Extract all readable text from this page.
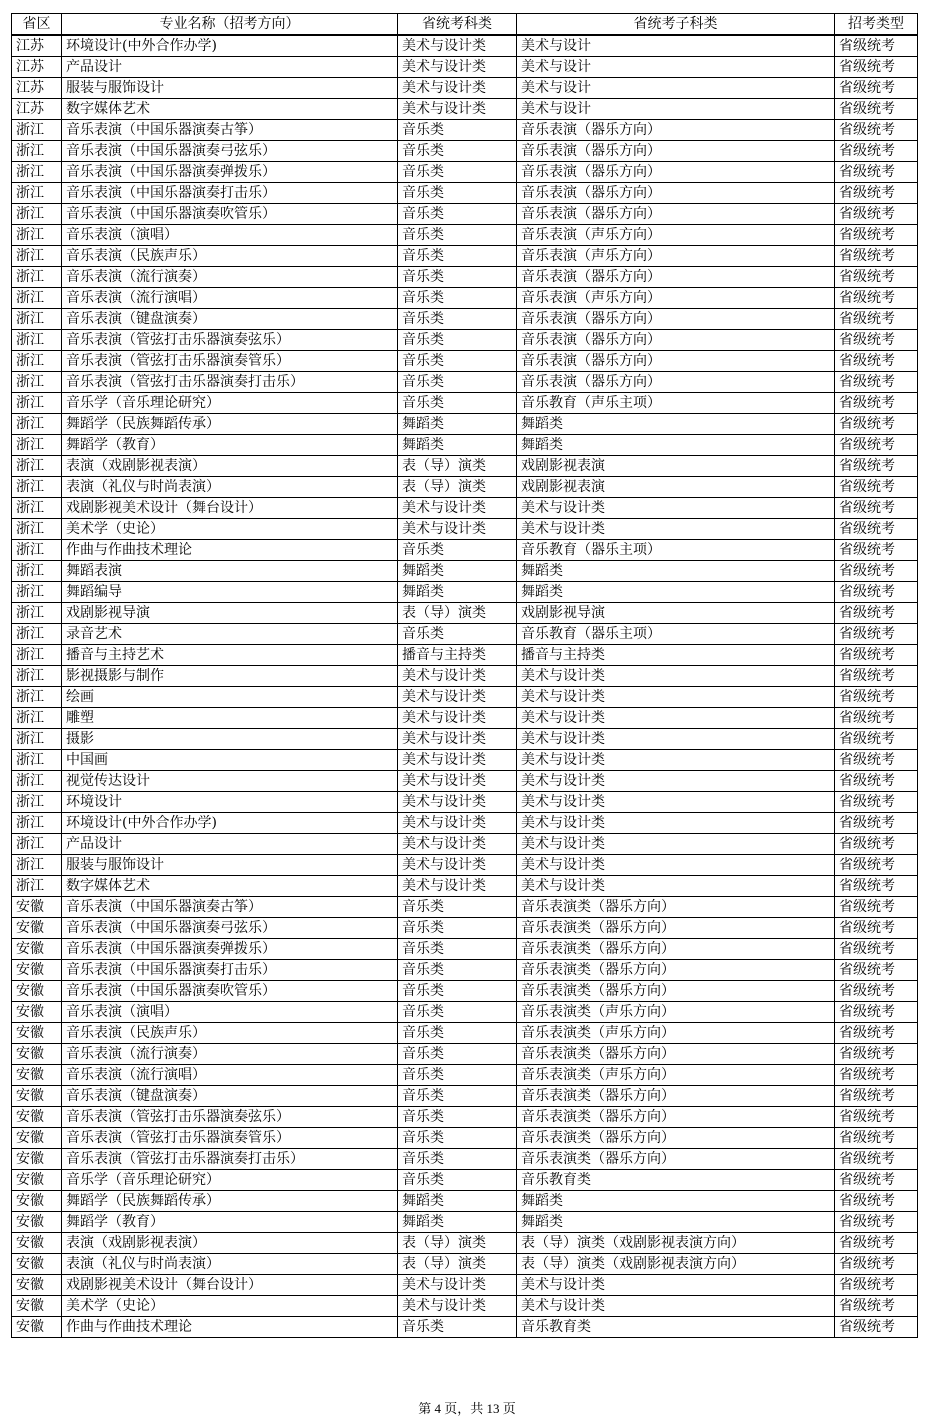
省区	专业名称（招考方向）	省统考科类	省统考子科类	招考类型
江苏	环境设计(中外合作办学)	美术与设计类	美术与设计	省级统考
江苏	产品设计	美术与设计类	美术与设计	省级统考
江苏	服装与服饰设计	美术与设计类	美术与设计	省级统考
江苏	数字媒体艺术	美术与设计类	美术与设计	省级统考
浙江	音乐表演（中国乐器演奏古筝）	音乐类	音乐表演（器乐方向）	省级统考
浙江	音乐表演（中国乐器演奏弓弦乐）	音乐类	音乐表演（器乐方向）	省级统考
浙江	音乐表演（中国乐器演奏弹拨乐）	音乐类	音乐表演（器乐方向）	省级统考
浙江	音乐表演（中国乐器演奏打击乐）	音乐类	音乐表演（器乐方向）	省级统考
浙江	音乐表演（中国乐器演奏吹管乐）	音乐类	音乐表演（器乐方向）	省级统考
浙江	音乐表演（演唱）	音乐类	音乐表演（声乐方向）	省级统考
浙江	音乐表演（民族声乐）	音乐类	音乐表演（声乐方向）	省级统考
浙江	音乐表演（流行演奏）	音乐类	音乐表演（器乐方向）	省级统考
浙江	音乐表演（流行演唱）	音乐类	音乐表演（声乐方向）	省级统考
浙江	音乐表演（键盘演奏）	音乐类	音乐表演（器乐方向）	省级统考
浙江	音乐表演（管弦打击乐器演奏弦乐）	音乐类	音乐表演（器乐方向）	省级统考
浙江	音乐表演（管弦打击乐器演奏管乐）	音乐类	音乐表演（器乐方向）	省级统考
浙江	音乐表演（管弦打击乐器演奏打击乐）	音乐类	音乐表演（器乐方向）	省级统考
浙江	音乐学（音乐理论研究）	音乐类	音乐教育（声乐主项）	省级统考
浙江	舞蹈学（民族舞蹈传承）	舞蹈类	舞蹈类	省级统考
浙江	舞蹈学（教育）	舞蹈类	舞蹈类	省级统考
浙江	表演（戏剧影视表演）	表（导）演类	戏剧影视表演	省级统考
浙江	表演（礼仪与时尚表演）	表（导）演类	戏剧影视表演	省级统考
浙江	戏剧影视美术设计（舞台设计）	美术与设计类	美术与设计类	省级统考
浙江	美术学（史论）	美术与设计类	美术与设计类	省级统考
浙江	作曲与作曲技术理论	音乐类	音乐教育（器乐主项）	省级统考
浙江	舞蹈表演	舞蹈类	舞蹈类	省级统考
浙江	舞蹈编导	舞蹈类	舞蹈类	省级统考
浙江	戏剧影视导演	表（导）演类	戏剧影视导演	省级统考
浙江	录音艺术	音乐类	音乐教育（器乐主项）	省级统考
浙江	播音与主持艺术	播音与主持类	播音与主持类	省级统考
浙江	影视摄影与制作	美术与设计类	美术与设计类	省级统考
浙江	绘画	美术与设计类	美术与设计类	省级统考
浙江	雕塑	美术与设计类	美术与设计类	省级统考
浙江	摄影	美术与设计类	美术与设计类	省级统考
浙江	中国画	美术与设计类	美术与设计类	省级统考
浙江	视觉传达设计	美术与设计类	美术与设计类	省级统考
浙江	环境设计	美术与设计类	美术与设计类	省级统考
浙江	环境设计(中外合作办学)	美术与设计类	美术与设计类	省级统考
浙江	产品设计	美术与设计类	美术与设计类	省级统考
浙江	服装与服饰设计	美术与设计类	美术与设计类	省级统考
浙江	数字媒体艺术	美术与设计类	美术与设计类	省级统考
安徽	音乐表演（中国乐器演奏古筝）	音乐类	音乐表演类（器乐方向）	省级统考
安徽	音乐表演（中国乐器演奏弓弦乐）	音乐类	音乐表演类（器乐方向）	省级统考
安徽	音乐表演（中国乐器演奏弹拨乐）	音乐类	音乐表演类（器乐方向）	省级统考
安徽	音乐表演（中国乐器演奏打击乐）	音乐类	音乐表演类（器乐方向）	省级统考
安徽	音乐表演（中国乐器演奏吹管乐）	音乐类	音乐表演类（器乐方向）	省级统考
安徽	音乐表演（演唱）	音乐类	音乐表演类（声乐方向）	省级统考
安徽	音乐表演（民族声乐）	音乐类	音乐表演类（声乐方向）	省级统考
安徽	音乐表演（流行演奏）	音乐类	音乐表演类（器乐方向）	省级统考
安徽	音乐表演（流行演唱）	音乐类	音乐表演类（声乐方向）	省级统考
安徽	音乐表演（键盘演奏）	音乐类	音乐表演类（器乐方向）	省级统考
安徽	音乐表演（管弦打击乐器演奏弦乐）	音乐类	音乐表演类（器乐方向）	省级统考
安徽	音乐表演（管弦打击乐器演奏管乐）	音乐类	音乐表演类（器乐方向）	省级统考
安徽	音乐表演（管弦打击乐器演奏打击乐）	音乐类	音乐表演类（器乐方向）	省级统考
安徽	音乐学（音乐理论研究）	音乐类	音乐教育类	省级统考
安徽	舞蹈学（民族舞蹈传承）	舞蹈类	舞蹈类	省级统考
安徽	舞蹈学（教育）	舞蹈类	舞蹈类	省级统考
安徽	表演（戏剧影视表演）	表（导）演类	表（导）演类（戏剧影视表演方向）	省级统考
安徽	表演（礼仪与时尚表演）	表（导）演类	表（导）演类（戏剧影视表演方向）	省级统考
安徽	戏剧影视美术设计（舞台设计）	美术与设计类	美术与设计类	省级统考
安徽	美术学（史论）	美术与设计类	美术与设计类	省级统考
安徽	作曲与作曲技术理论	音乐类	音乐教育类	省级统考
第 4 页，共 13 页
